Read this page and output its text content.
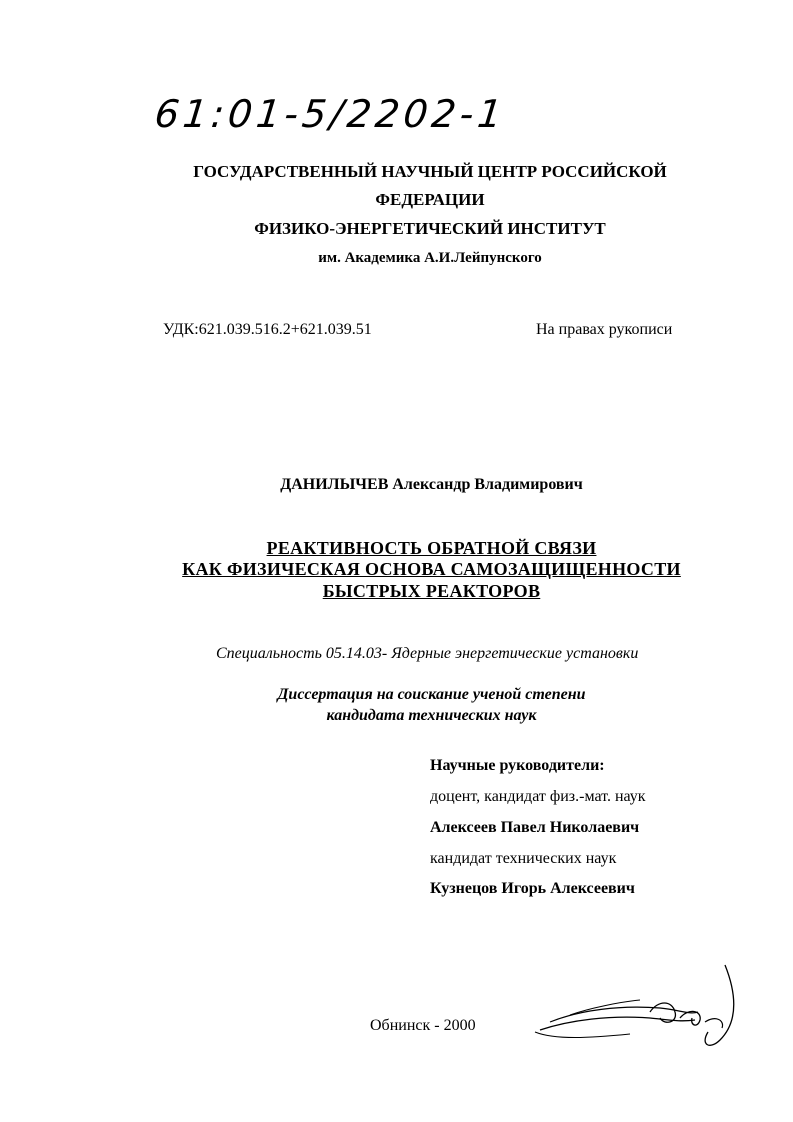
61:01-5/2202-1
ГОСУДАРСТВЕННЫЙ НАУЧНЫЙ ЦЕНТР РОССИЙСКОЙ
ФЕДЕРАЦИИ
ФИЗИКО-ЭНЕРГЕТИЧЕСКИЙ ИНСТИТУТ
им. Академика А.И.Лейпунского
УДК:621.039.516.2+621.039.51	На правах рукописи
ДАНИЛЫЧЕВ Александр Владимирович
РЕАКТИВНОСТЬ ОБРАТНОЙ СВЯЗИ
КАК ФИЗИЧЕСКАЯ ОСНОВА САМОЗАЩИЩЕННОСТИ
БЫСТРЫХ РЕАКТОРОВ
Специальность 05.14.03- Ядерные энергетические установки
Диссертация на соискание ученой степени
кандидата технических наук
Научные руководители:
доцент, кандидат физ.-мат. наук
Алексеев Павел Николаевич
кандидат технических наук
Кузнецов Игорь Алексеевич
Обнинск - 2000
